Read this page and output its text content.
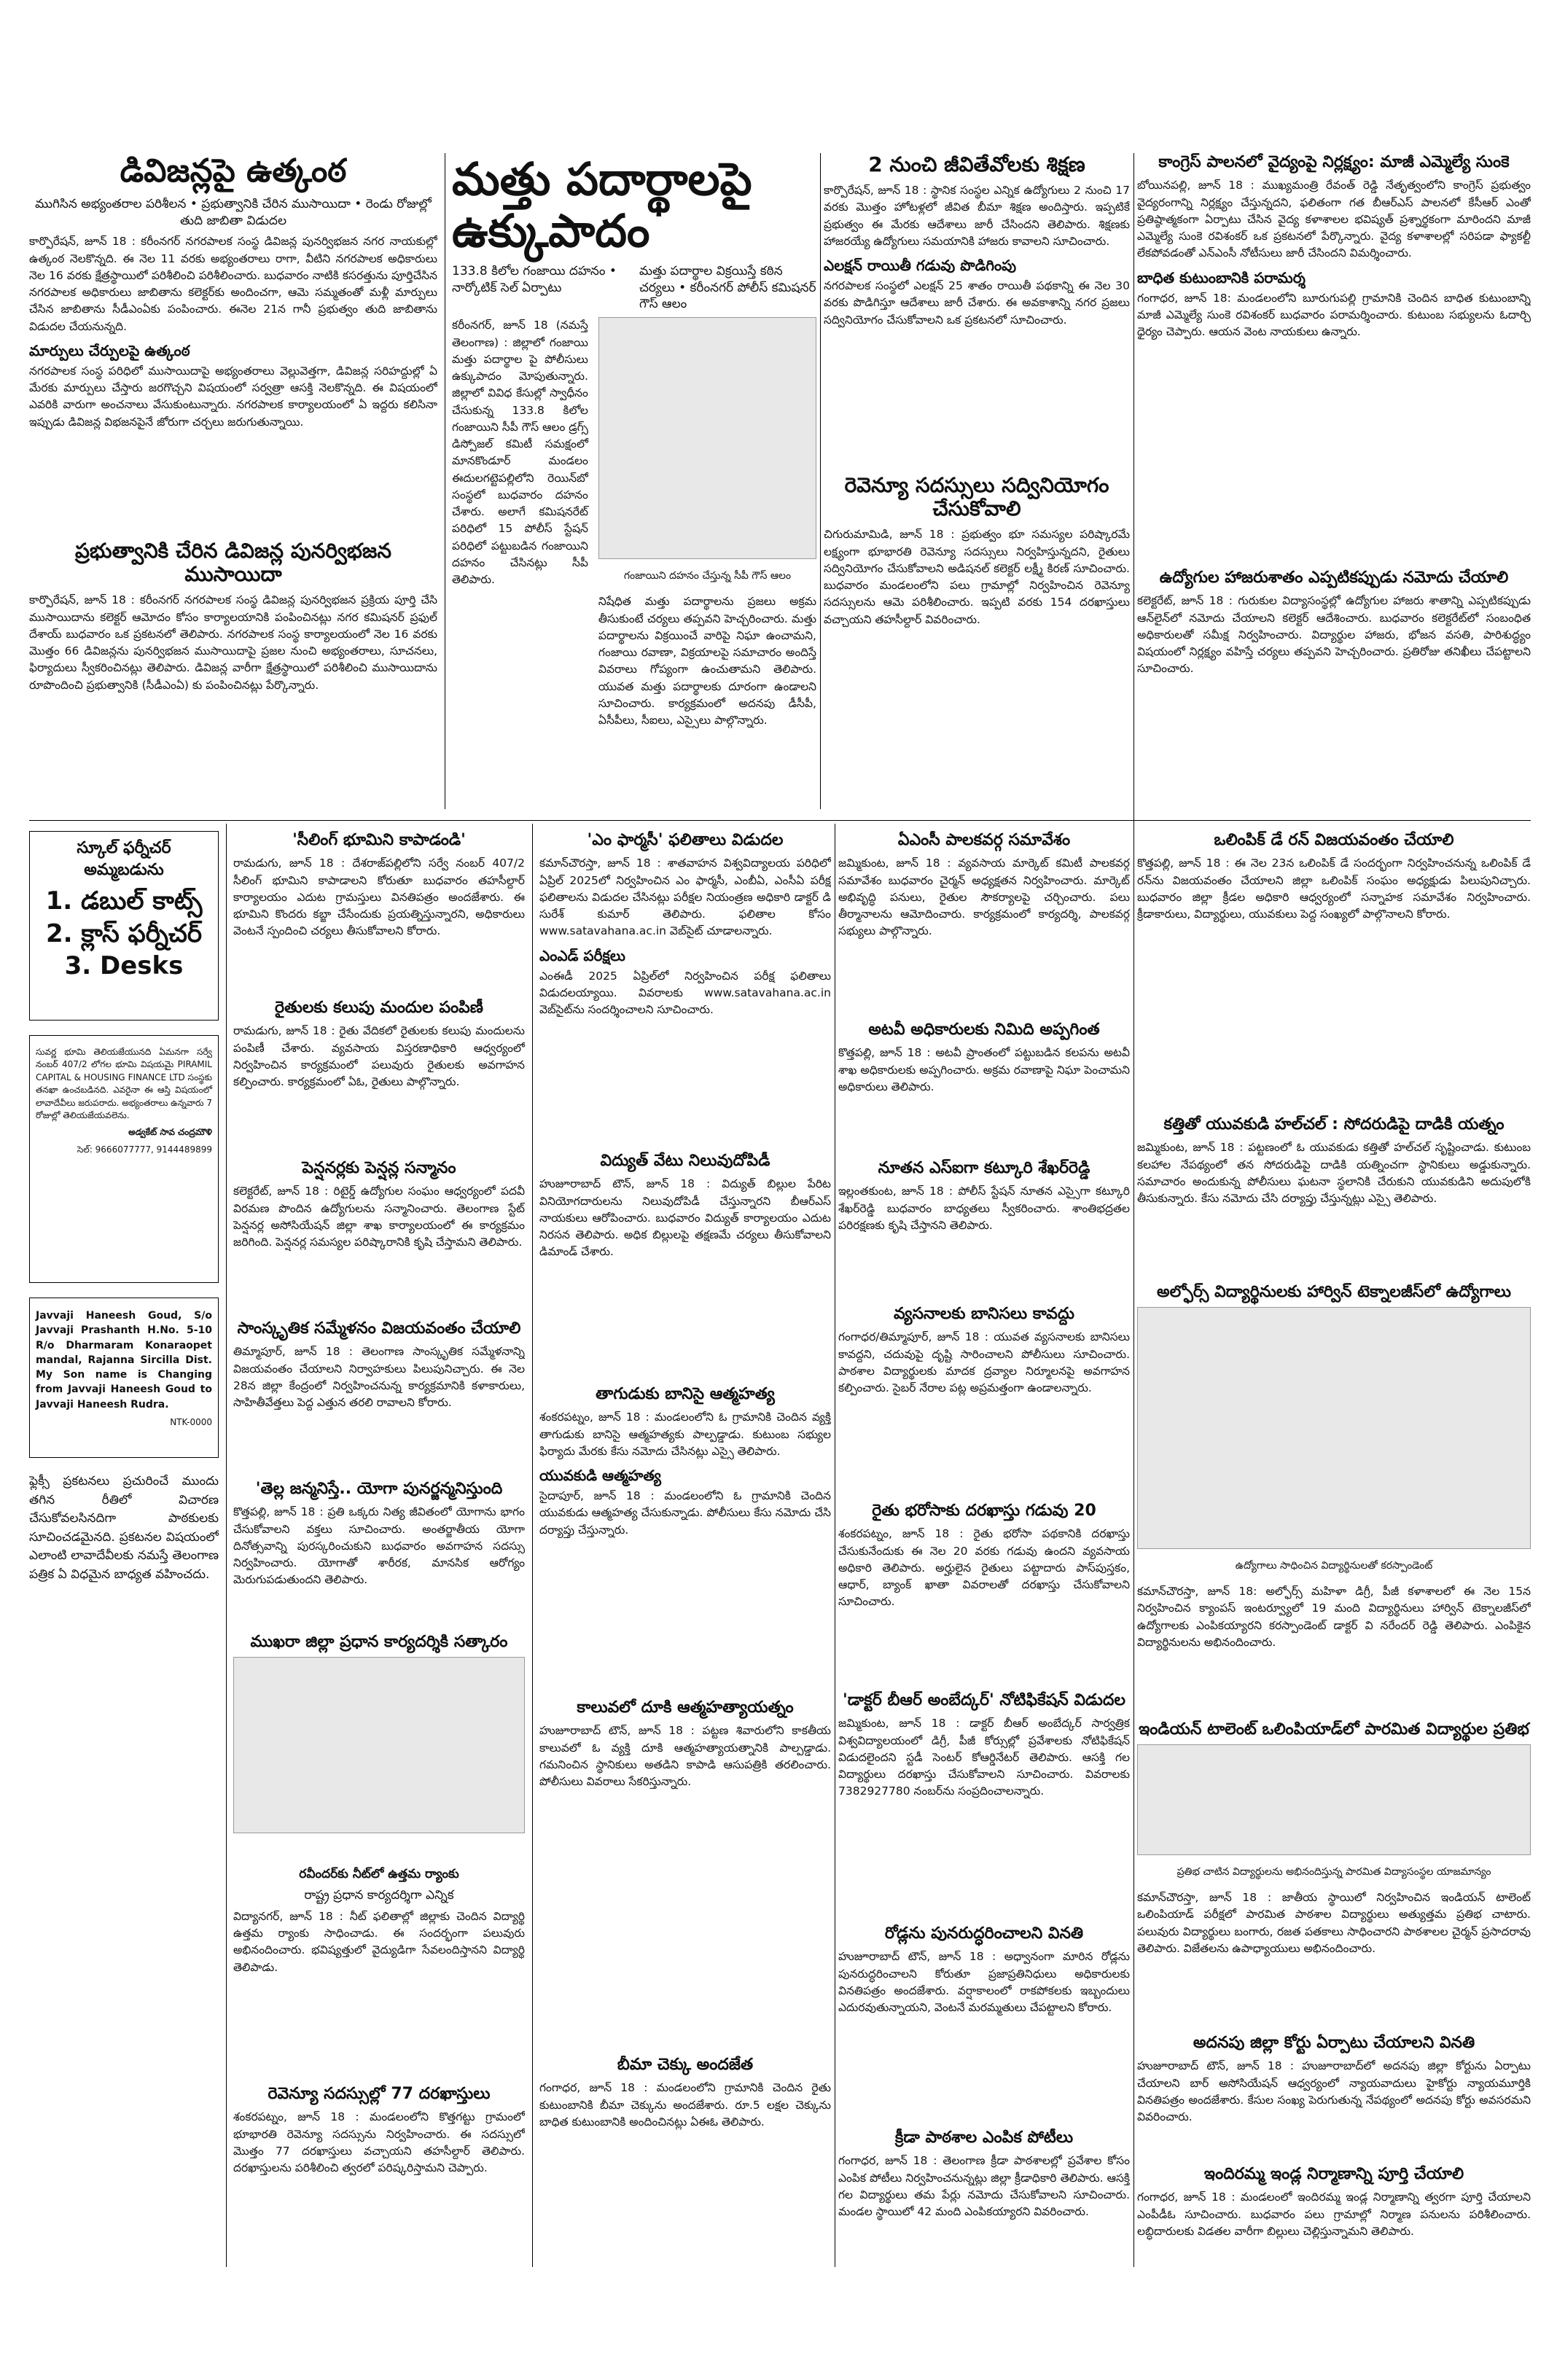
డివిజన్లపై ఉత్కంఠ

ముగిసిన అభ్యంతరాల పరిశీలన • ప్రభుత్వానికి చేరిన ముసాయిదా • రెండు రోజుల్లో తుది జాబితా విడుదల

కార్పొరేషన్, జూన్ 18 : కరీంనగర్ నగరపాలక సంస్థ డివిజన్ల పునర్విభజన నగర నాయకుల్లో ఉత్కంఠ నెలకొన్నది. ఈ నెల 11 వరకు అభ్యంతరాలు రాగా, వీటిని నగరపాలక అధికారులు నెల 16 వరకు క్షేత్రస్థాయిలో పరిశీలించి పరిశీలించారు. బుధవారం నాటికి కసరత్తును పూర్తిచేసిన నగరపాలక అధికారులు జాబితాను కలెక్టర్‌కు అందించగా, ఆమె సమ్మతంతో మళ్లీ మార్పులు చేసిన జాబితాను సీడీఎంఏకు పంపించారు. ఈనెల 21న గానీ ప్రభుత్వం తుది జాబితాను విడుదల చేయనున్నది.

మార్పులు చేర్పులపై ఉత్కంఠ

నగరపాలక సంస్థ పరిధిలో ముసాయిదాపై అభ్యంతరాలు వెల్లువెత్తగా, డివిజన్ల సరిహద్దుల్లో ఏ మేరకు మార్పులు చేస్తారు జరగొచ్చని విషయంలో సర్వత్రా ఆసక్తి నెలకొన్నది. ఈ విషయంలో ఎవరికి వారుగా అంచనాలు వేసుకుంటున్నారు. నగరపాలక కార్యాలయంలో ఏ ఇద్దరు కలిసినా ఇప్పుడు డివిజన్ల విభజనపైనే జోరుగా చర్చలు జరుగుతున్నాయి.

ప్రభుత్వానికి చేరిన డివిజన్ల పునర్విభజన ముసాయిదా

కార్పొరేషన్, జూన్ 18 : కరీంనగర్ నగరపాలక సంస్థ డివిజన్ల పునర్విభజన ప్రక్రియ పూర్తి చేసి ముసాయిదాను కలెక్టర్ ఆమోదం కోసం కార్యాలయానికి పంపించినట్లు నగర కమిషనర్ ప్రఫుల్ దేశాయ్ బుధవారం ఒక ప్రకటనలో తెలిపారు. నగరపాలక సంస్థ కార్యాలయంలో నెల 16 వరకు మొత్తం 66 డివిజన్లను పునర్విభజన ముసాయిదాపై ప్రజల నుంచి అభ్యంతరాలు, సూచనలు, ఫిర్యాదులు స్వీకరించినట్లు తెలిపారు. డివిజన్ల వారీగా క్షేత్రస్థాయిలో పరిశీలించి ముసాయిదాను రూపొందించి ప్రభుత్వానికి (సీడీఎంఏ) కు పంపించినట్లు పేర్కొన్నారు.

మత్తు పదార్థాలపై ఉక్కుపాదం

133.8 కిలోల గంజాయి దహనం • నార్కోటిక్ సెల్ ఏర్పాటు

మత్తు పదార్థాల విక్రయిస్తే కఠిన చర్యలు • కరీంనగర్ పోలీస్ కమిషనర్ గౌస్ ఆలం

కరీంనగర్, జూన్ 18 (నమస్తే తెలంగాణ) : జిల్లాలో గంజాయి మత్తు పదార్థాల పై పోలీసులు ఉక్కుపాదం మోపుతున్నారు. జిల్లాలో వివిధ కేసుల్లో స్వాధీనం చేసుకున్న 133.8 కిలోల గంజాయిని సీపీ గౌస్ ఆలం డ్రగ్స్ డిస్పోజల్ కమిటీ సమక్షంలో మానకొండూర్ మండలం ఈదులగట్టెపల్లిలోని రెయిన్‌బో సంస్థలో బుధవారం దహనం చేశారు. అలాగే కమిషనరేట్ పరిధిలో 15 పోలీస్ స్టేషన్ పరిధిలో పట్టుబడిన గంజాయిని దహనం చేసినట్లు సీపీ తెలిపారు.	గంజాయిని దహనం చేస్తున్న సీపీ గౌస్ ఆలం

నిషేధిత మత్తు పదార్థాలను ప్రజలు అక్రమ తీసుకుంటే చర్యలు తప్పవని హెచ్చరించారు. మత్తు పదార్థాలను విక్రయించే వారిపై నిఘా ఉంచామని, గంజాయి రవాణా, విక్రయాలపై సమాచారం అందిస్తే వివరాలు గోప్యంగా ఉంచుతామని తెలిపారు. యువత మత్తు పదార్థాలకు దూరంగా ఉండాలని సూచించారు. కార్యక్రమంలో అదనపు డీసీపీ, ఏసీపీలు, సీఐలు, ఎస్సైలు పాల్గొన్నారు.

2 నుంచి జీవితేవోలకు శిక్షణ

కార్పొరేషన్, జూన్ 18 : స్థానిక సంస్థల ఎన్నిక ఉద్యోగులు 2 నుంచి 17 వరకు మొత్తం హోటళ్లలో జీవిత బీమా శిక్షణ అందిస్తారు. ఇప్పటికే ప్రభుత్వం ఈ మేరకు ఆదేశాలు జారీ చేసిందని తెలిపారు. శిక్షణకు హాజరయ్యే ఉద్యోగులు సమయానికి హాజరు కావాలని సూచించారు.

ఎలక్షన్ రాయితీ గడువు పొడిగింపు

నగరపాలక సంస్థలో ఎలక్షన్ 25 శాతం రాయితీ పథకాన్ని ఈ నెల 30 వరకు పొడిగిస్తూ ఆదేశాలు జారీ చేశారు. ఈ అవకాశాన్ని నగర ప్రజలు సద్వినియోగం చేసుకోవాలని ఒక ప్రకటనలో సూచించారు.

రెవెన్యూ సదస్సులు సద్వినియోగం చేసుకోవాలి

చిగురుమామిడి, జూన్ 18 : ప్రభుత్వం భూ సమస్యల పరిష్కారమే లక్ష్యంగా భూభారతి రెవెన్యూ సదస్సులు నిర్వహిస్తున్నదని, రైతులు సద్వినియోగం చేసుకోవాలని అడిషనల్ కలెక్టర్ లక్ష్మీ కిరణ్ సూచించారు. బుధవారం మండలంలోని పలు గ్రామాల్లో నిర్వహించిన రెవెన్యూ సదస్సులను ఆమె పరిశీలించారు. ఇప్పటి వరకు 154 దరఖాస్తులు వచ్చాయని తహసీల్దార్ వివరించారు.

కాంగ్రెస్ పాలనలో వైద్యంపై నిర్లక్ష్యం: మాజీ ఎమ్మెల్యే సుంకె

బోయినపల్లి, జూన్ 18 : ముఖ్యమంత్రి రేవంత్ రెడ్డి నేతృత్వంలోని కాంగ్రెస్ ప్రభుత్వం వైద్యరంగాన్ని నిర్లక్ష్యం చేస్తున్నదని, ఫలితంగా గత బీఆర్ఎస్ పాలనలో కేసీఆర్ ఎంతో ప్రతిష్ఠాత్మకంగా ఏర్పాటు చేసిన వైద్య కళాశాలల భవిష్యత్ ప్రశ్నార్థకంగా మారిందని మాజీ ఎమ్మెల్యే సుంకె రవిశంకర్ ఒక ప్రకటనలో పేర్కొన్నారు. వైద్య కళాశాలల్లో సరిపడా ఫ్యాకల్టీ లేకపోవడంతో ఎన్ఎంసీ నోటీసులు జారీ చేసిందని విమర్శించారు.

బాధిత కుటుంబానికి పరామర్శ

గంగాధర, జూన్ 18: మండలంలోని బూరుగుపల్లి గ్రామానికి చెందిన బాధిత కుటుంబాన్ని మాజీ ఎమ్మెల్యే సుంకె రవిశంకర్ బుధవారం పరామర్శించారు. కుటుంబ సభ్యులను ఓదార్చి ధైర్యం చెప్పారు. ఆయన వెంట నాయకులు ఉన్నారు.

ఉద్యోగుల హాజరుశాతం ఎప్పటికప్పుడు నమోదు చేయాలి

కలెక్టరేట్, జూన్ 18 : గురుకుల విద్యాసంస్థల్లో ఉద్యోగుల హాజరు శాతాన్ని ఎప్పటికప్పుడు ఆన్‌లైన్‌లో నమోదు చేయాలని కలెక్టర్ ఆదేశించారు. బుధవారం కలెక్టరేట్‌లో సంబంధిత అధికారులతో సమీక్ష నిర్వహించారు. విద్యార్థుల హాజరు, భోజన వసతి, పారిశుద్ధ్యం విషయంలో నిర్లక్ష్యం వహిస్తే చర్యలు తప్పవని హెచ్చరించారు. ప్రతిరోజు తనిఖీలు చేపట్టాలని సూచించారు.

స్కూల్ ఫర్నీచర్ అమ్మబడును

1. డబుల్ కాట్స్

2. క్లాస్ ఫర్నీచర్

3. Desks

సువర్ణ భూమి తెలియజేయునది ఏమనగా సర్వే నంబర్ 407/2 లోగల భూమి విషయమై PIRAMIL CAPITAL & HOUSING FINANCE LTD సంస్థకు తనఖా ఉంచబడినది. ఎవరైనా ఈ ఆస్తి విషయంలో లావాదేవీలు జరుపరాదు. అభ్యంతరాలు ఉన్నవారు 7 రోజుల్లో తెలియజేయవలెను.

అడ్వకేట్ సావ చంద్రమౌళి

సెల్: 9666077777, 9144489899

Javvaji Haneesh Goud, S/o Javvaji Prashanth H.No. 5-10 R/o Dharmaram Konaraopet mandal, Rajanna Sircilla Dist. My Son name is Changing from Javvaji Haneesh Goud to Javvaji Haneesh Rudra.

NTK-0000

ఫ్లెక్సీ ప్రకటనలు ప్రచురించే ముందు తగిన రీతిలో విచారణ చేసుకోవలసినదిగా పాఠకులకు సూచించడమైనది. ప్రకటనల విషయంలో ఎలాంటి లావాదేవీలకు నమస్తే తెలంగాణ పత్రిక ఏ విధమైన బాధ్యత వహించదు.

'సీలింగ్ భూమిని కాపాడండి'

రామడుగు, జూన్ 18 : దేశరాజ్‌పల్లిలోని సర్వే నంబర్ 407/2 సీలింగ్ భూమిని కాపాడాలని కోరుతూ బుధవారం తహసీల్దార్ కార్యాలయం ఎదుట గ్రామస్తులు వినతిపత్రం అందజేశారు. ఈ భూమిని కొందరు కబ్జా చేసేందుకు ప్రయత్నిస్తున్నారని, అధికారులు వెంటనే స్పందించి చర్యలు తీసుకోవాలని కోరారు.

రైతులకు కలుపు మందుల పంపిణీ

రామడుగు, జూన్ 18 : రైతు వేదికలో రైతులకు కలుపు మందులను పంపిణీ చేశారు. వ్యవసాయ విస్తరణాధికారి ఆధ్వర్యంలో నిర్వహించిన కార్యక్రమంలో పలువురు రైతులకు అవగాహన కల్పించారు. కార్యక్రమంలో ఏఓ, రైతులు పాల్గొన్నారు.

పెన్షనర్లకు పెన్షన్ల సన్మానం

కలెక్టరేట్, జూన్ 18 : రిటైర్డ్ ఉద్యోగుల సంఘం ఆధ్వర్యంలో పదవీ విరమణ పొందిన ఉద్యోగులను సన్మానించారు. తెలంగాణ స్టేట్ పెన్షనర్ల అసోసియేషన్ జిల్లా శాఖ కార్యాలయంలో ఈ కార్యక్రమం జరిగింది. పెన్షనర్ల సమస్యల పరిష్కారానికి కృషి చేస్తామని తెలిపారు.

సాంస్కృతిక సమ్మేళనం విజయవంతం చేయాలి

తిమ్మాపూర్, జూన్ 18 : తెలంగాణ సాంస్కృతిక సమ్మేళనాన్ని విజయవంతం చేయాలని నిర్వాహకులు పిలుపునిచ్చారు. ఈ నెల 28న జిల్లా కేంద్రంలో నిర్వహించనున్న కార్యక్రమానికి కళాకారులు, సాహితీవేత్తలు పెద్ద ఎత్తున తరలి రావాలని కోరారు.

'తెల్ల జన్మనిస్తే.. యోగా పునర్జన్మనిస్తుంది

కొత్తపల్లి, జూన్ 18 : ప్రతి ఒక్కరు నిత్య జీవితంలో యోగాను భాగం చేసుకోవాలని వక్తలు సూచించారు. అంతర్జాతీయ యోగా దినోత్సవాన్ని పురస్కరించుకుని బుధవారం అవగాహన సదస్సు నిర్వహించారు. యోగాతో శారీరక, మానసిక ఆరోగ్యం మెరుగుపడుతుందని తెలిపారు.

ముఖరా జిల్లా ప్రధాన కార్యదర్శికి సత్కారం

రవీందర్‌కు నీట్‌లో ఉత్తమ ర్యాంకు

రాష్ట్ర ప్రధాన కార్యదర్శిగా ఎన్నిక

విద్యానగర్, జూన్ 18 : నీట్ ఫలితాల్లో జిల్లాకు చెందిన విద్యార్థి ఉత్తమ ర్యాంకు సాధించాడు. ఈ సందర్భంగా పలువురు అభినందించారు. భవిష్యత్తులో వైద్యుడిగా సేవలందిస్తానని విద్యార్థి తెలిపాడు.

రెవెన్యూ సదస్సుల్లో 77 దరఖాస్తులు

శంకరపట్నం, జూన్ 18 : మండలంలోని కొత్తగట్టు గ్రామంలో భూభారతి రెవెన్యూ సదస్సును నిర్వహించారు. ఈ సదస్సులో మొత్తం 77 దరఖాస్తులు వచ్చాయని తహసీల్దార్ తెలిపారు. దరఖాస్తులను పరిశీలించి త్వరలో పరిష్కరిస్తామని చెప్పారు.

'ఎం ఫార్మసీ' ఫలితాలు విడుదల

కమాన్‌చౌరస్తా, జూన్ 18 : శాతవాహన విశ్వవిద్యాలయ పరిధిలో ఏప్రిల్ 2025లో నిర్వహించిన ఎం ఫార్మసీ, ఎంబీఏ, ఎంసీఏ పరీక్ష ఫలితాలను విడుదల చేసినట్లు పరీక్షల నియంత్రణ అధికారి డాక్టర్ డి సురేశ్ కుమార్ తెలిపారు. ఫలితాల కోసం www.satavahana.ac.in వెబ్‌సైట్ చూడాలన్నారు.

ఎంఎడ్ పరీక్షలు

ఎంఈడీ 2025 ఏప్రిల్‌లో నిర్వహించిన పరీక్ష ఫలితాలు విడుదలయ్యాయి. వివరాలకు www.satavahana.ac.in వెబ్‌సైట్‌ను సందర్శించాలని సూచించారు.

విద్యుత్ వేటు నిలువుదోపిడీ

హుజూరాబాద్ టౌన్, జూన్ 18 : విద్యుత్ బిల్లుల పేరిట వినియోగదారులను నిలువుదోపిడీ చేస్తున్నారని బీఆర్ఎస్ నాయకులు ఆరోపించారు. బుధవారం విద్యుత్ కార్యాలయం ఎదుట నిరసన తెలిపారు. అధిక బిల్లులపై తక్షణమే చర్యలు తీసుకోవాలని డిమాండ్ చేశారు.

తాగుడుకు బానిసై ఆత్మహత్య

శంకరపట్నం, జూన్ 18 : మండలంలోని ఓ గ్రామానికి చెందిన వ్యక్తి తాగుడుకు బానిసై ఆత్మహత్యకు పాల్పడ్డాడు. కుటుంబ సభ్యుల ఫిర్యాదు మేరకు కేసు నమోదు చేసినట్లు ఎస్సై తెలిపారు.

యువకుడి ఆత్మహత్య

సైదాపూర్, జూన్ 18 : మండలంలోని ఓ గ్రామానికి చెందిన యువకుడు ఆత్మహత్య చేసుకున్నాడు. పోలీసులు కేసు నమోదు చేసి దర్యాప్తు చేస్తున్నారు.

కాలువలో దూకి ఆత్మహత్యాయత్నం

హుజూరాబాద్ టౌన్, జూన్ 18 : పట్టణ శివారులోని కాకతీయ కాలువలో ఓ వ్యక్తి దూకి ఆత్మహత్యాయత్నానికి పాల్పడ్డాడు. గమనించిన స్థానికులు అతడిని కాపాడి ఆసుపత్రికి తరలించారు. పోలీసులు వివరాలు సేకరిస్తున్నారు.

బీమా చెక్కు అందజేత

గంగాధర, జూన్ 18 : మండలంలోని గ్రామానికి చెందిన రైతు కుటుంబానికి బీమా చెక్కును అందజేశారు. రూ.5 లక్షల చెక్కును బాధిత కుటుంబానికి అందించినట్లు ఏఈఓ తెలిపారు.

ఏఎంసీ పాలకవర్గ సమావేశం

జమ్మికుంట, జూన్ 18 : వ్యవసాయ మార్కెట్ కమిటీ పాలకవర్గ సమావేశం బుధవారం చైర్మన్ అధ్యక్షతన నిర్వహించారు. మార్కెట్ అభివృద్ధి పనులు, రైతుల సౌకర్యాలపై చర్చించారు. పలు తీర్మానాలను ఆమోదించారు. కార్యక్రమంలో కార్యదర్శి, పాలకవర్గ సభ్యులు పాల్గొన్నారు.

అటవీ అధికారులకు నిమిది అప్పగింత

కొత్తపల్లి, జూన్ 18 : అటవీ ప్రాంతంలో పట్టుబడిన కలపను అటవీ శాఖ అధికారులకు అప్పగించారు. అక్రమ రవాణాపై నిఘా పెంచామని అధికారులు తెలిపారు.

నూతన ఎస్ఐగా కట్కూరి శేఖర్‌రెడ్డి

ఇల్లంతకుంట, జూన్ 18 : పోలీస్ స్టేషన్ నూతన ఎస్సైగా కట్కూరి శేఖర్‌రెడ్డి బుధవారం బాధ్యతలు స్వీకరించారు. శాంతిభద్రతల పరిరక్షణకు కృషి చేస్తానని తెలిపారు.

వ్యసనాలకు బానిసలు కావద్దు

గంగాధర/తిమ్మాపూర్, జూన్ 18 : యువత వ్యసనాలకు బానిసలు కావద్దని, చదువుపై దృష్టి సారించాలని పోలీసులు సూచించారు. పాఠశాల విద్యార్థులకు మాదక ద్రవ్యాల నిర్మూలనపై అవగాహన కల్పించారు. సైబర్ నేరాల పట్ల అప్రమత్తంగా ఉండాలన్నారు.

రైతు భరోసాకు దరఖాస్తు గడువు 20

శంకరపట్నం, జూన్ 18 : రైతు భరోసా పథకానికి దరఖాస్తు చేసుకునేందుకు ఈ నెల 20 వరకు గడువు ఉందని వ్యవసాయ అధికారి తెలిపారు. అర్హులైన రైతులు పట్టాదారు పాస్‌పుస్తకం, ఆధార్, బ్యాంక్ ఖాతా వివరాలతో దరఖాస్తు చేసుకోవాలని సూచించారు.

'డాక్టర్ బీఆర్ అంబేద్కర్' నోటిఫికేషన్ విడుదల

జమ్మికుంట, జూన్ 18 : డాక్టర్ బీఆర్ అంబేద్కర్ సార్వత్రిక విశ్వవిద్యాలయంలో డిగ్రీ, పీజీ కోర్సుల్లో ప్రవేశాలకు నోటిఫికేషన్ విడుదలైందని స్టడీ సెంటర్ కోఆర్డినేటర్ తెలిపారు. ఆసక్తి గల విద్యార్థులు దరఖాస్తు చేసుకోవాలని సూచించారు. వివరాలకు 7382927780 నంబర్‌ను సంప్రదించాలన్నారు.

రోడ్లను పునరుద్ధరించాలని వినతి

హుజూరాబాద్ టౌన్, జూన్ 18 : అధ్వానంగా మారిన రోడ్లను పునరుద్ధరించాలని కోరుతూ ప్రజాప్రతినిధులు అధికారులకు వినతిపత్రం అందజేశారు. వర్షాకాలంలో రాకపోకలకు ఇబ్బందులు ఎదురవుతున్నాయని, వెంటనే మరమ్మతులు చేపట్టాలని కోరారు.

క్రీడా పాఠశాల ఎంపిక పోటీలు

గంగాధర, జూన్ 18 : తెలంగాణ క్రీడా పాఠశాలల్లో ప్రవేశాల కోసం ఎంపిక పోటీలు నిర్వహించనున్నట్లు జిల్లా క్రీడాధికారి తెలిపారు. ఆసక్తి గల విద్యార్థులు తమ పేర్లు నమోదు చేసుకోవాలని సూచించారు. మండల స్థాయిలో 42 మంది ఎంపికయ్యారని వివరించారు.

ఒలింపిక్ డే రన్ విజయవంతం చేయాలి

కొత్తపల్లి, జూన్ 18 : ఈ నెల 23న ఒలింపిక్ డే సందర్భంగా నిర్వహించనున్న ఒలింపిక్ డే రన్‌ను విజయవంతం చేయాలని జిల్లా ఒలింపిక్ సంఘం అధ్యక్షుడు పిలుపునిచ్చారు. బుధవారం జిల్లా క్రీడల అధికారి ఆధ్వర్యంలో సన్నాహక సమావేశం నిర్వహించారు. క్రీడాకారులు, విద్యార్థులు, యువకులు పెద్ద సంఖ్యలో పాల్గొనాలని కోరారు.

కత్తితో యువకుడి హల్‌చల్ : సోదరుడిపై దాడికి యత్నం

జమ్మికుంట, జూన్ 18 : పట్టణంలో ఓ యువకుడు కత్తితో హల్‌చల్ సృష్టించాడు. కుటుంబ కలహాల నేపథ్యంలో తన సోదరుడిపై దాడికి యత్నించగా స్థానికులు అడ్డుకున్నారు. సమాచారం అందుకున్న పోలీసులు ఘటనా స్థలానికి చేరుకుని యువకుడిని అదుపులోకి తీసుకున్నారు. కేసు నమోదు చేసి దర్యాప్తు చేస్తున్నట్లు ఎస్సై తెలిపారు.

అల్ఫోర్స్ విద్యార్థినులకు హార్విన్ టెక్నాలజీస్‌లో ఉద్యోగాలు

ఉద్యోగాలు సాధించిన విద్యార్థినులతో కరస్పాండెంట్

కమాన్‌చౌరస్తా, జూన్ 18: అల్ఫోర్స్ మహిళా డిగ్రీ, పీజీ కళాశాలలో ఈ నెల 15న నిర్వహించిన క్యాంపస్ ఇంటర్వ్యూలో 19 మంది విద్యార్థినులు హార్విన్ టెక్నాలజీస్‌లో ఉద్యోగాలకు ఎంపికయ్యారని కరస్పాండెంట్ డాక్టర్ వి నరేందర్ రెడ్డి తెలిపారు. ఎంపికైన విద్యార్థినులను అభినందించారు.

ఇండియన్ టాలెంట్ ఒలింపియాడ్‌లో పారమిత విద్యార్థుల ప్రతిభ

ప్రతిభ చాటిన విద్యార్థులను అభినందిస్తున్న పారమిత విద్యాసంస్థల యాజమాన్యం

కమాన్‌చౌరస్తా, జూన్ 18 : జాతీయ స్థాయిలో నిర్వహించిన ఇండియన్ టాలెంట్ ఒలింపియాడ్ పరీక్షలో పారమిత పాఠశాల విద్యార్థులు అత్యుత్తమ ప్రతిభ చాటారు. పలువురు విద్యార్థులు బంగారు, రజత పతకాలు సాధించారని పాఠశాలల చైర్మన్ ప్రసాదరావు తెలిపారు. విజేతలను ఉపాధ్యాయులు అభినందించారు.

అదనపు జిల్లా కోర్టు ఏర్పాటు చేయాలని వినతి

హుజూరాబాద్ టౌన్, జూన్ 18 : హుజూరాబాద్‌లో అదనపు జిల్లా కోర్టును ఏర్పాటు చేయాలని బార్ అసోసియేషన్ ఆధ్వర్యంలో న్యాయవాదులు హైకోర్టు న్యాయమూర్తికి వినతిపత్రం అందజేశారు. కేసుల సంఖ్య పెరుగుతున్న నేపథ్యంలో అదనపు కోర్టు అవసరమని వివరించారు.

ఇందిరమ్మ ఇండ్ల నిర్మాణాన్ని పూర్తి చేయాలి

గంగాధర, జూన్ 18 : మండలంలో ఇందిరమ్మ ఇండ్ల నిర్మాణాన్ని త్వరగా పూర్తి చేయాలని ఎంపీడీఓ సూచించారు. బుధవారం పలు గ్రామాల్లో నిర్మాణ పనులను పరిశీలించారు. లబ్ధిదారులకు విడతల వారీగా బిల్లులు చెల్లిస్తున్నామని తెలిపారు.
